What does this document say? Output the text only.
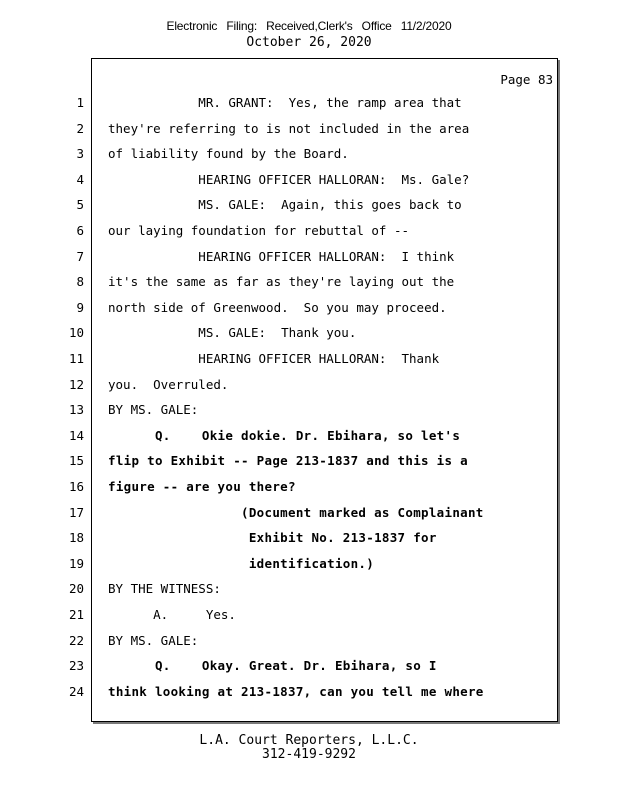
Electronic Filing: Received,Clerk's Office 11/2/2020
October 26, 2020
Page 83
1 MR. GRANT:  Yes, the ramp area that
2 they're referring to is not included in the area
3 of liability found by the Board.
4 HEARING OFFICER HALLORAN:  Ms. Gale?
5 MS. GALE:  Again, this goes back to
6 our laying foundation for rebuttal of --
7 HEARING OFFICER HALLORAN:  I think
8 it's the same as far as they're laying out the
9 north side of Greenwood.  So you may proceed.
10 MS. GALE:  Thank you.
11 HEARING OFFICER HALLORAN:  Thank
12 you.  Overruled.
13 BY MS. GALE:
14 Q.    Okie dokie. Dr. Ebihara, so let's
15 flip to Exhibit -- Page 213-1837 and this is a
16 figure -- are you there?
17 (Document marked as Complainant
18 Exhibit No. 213-1837 for
19 identification.)
20 BY THE WITNESS:
21 A.     Yes.
22 BY MS. GALE:
23 Q.    Okay. Great. Dr. Ebihara, so I
24 think looking at 213-1837, can you tell me where
L.A. Court Reporters, L.L.C.
312-419-9292
